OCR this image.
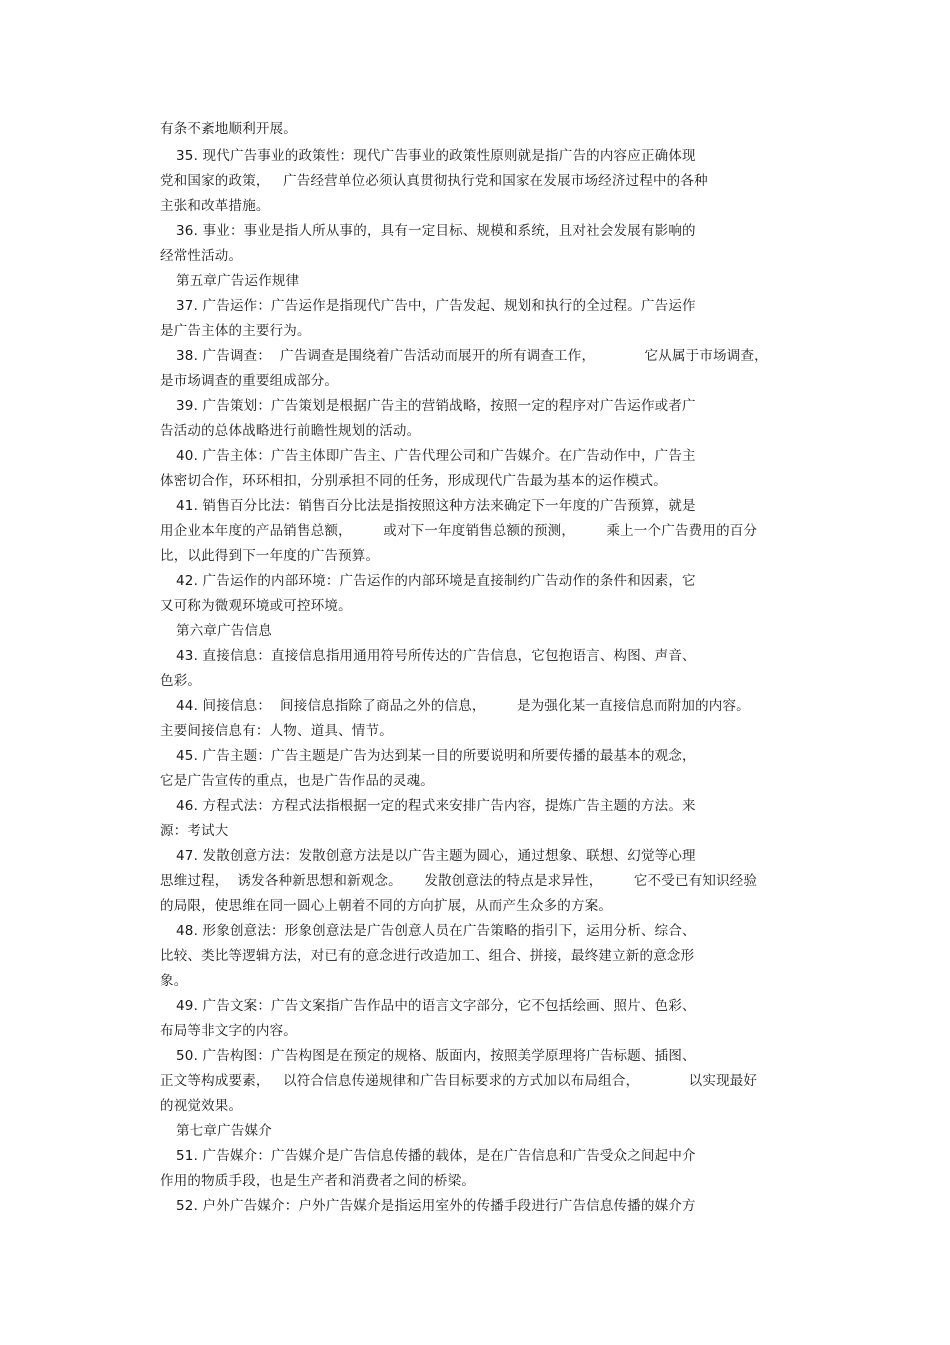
有条不紊地顺利开展。
35. 现代广告事业的政策性：现代广告事业的政策性原则就是指广告的内容应正确体现
党和国家的政策，   广告经营单位必须认真贯彻执行党和国家在发展市场经济过程中的各种
主张和改革措施。
36. 事业：事业是指人所从事的，具有一定目标、规模和系统，且对社会发展有影响的
经常性活动。
第五章广告运作规律
37. 广告运作：广告运作是指现代广告中，广告发起、规划和执行的全过程。广告运作
是广告主体的主要行为。
38. 广告调查：  广告调查是围绕着广告活动而展开的所有调查工作，           它从属于市场调查，
是市场调查的重要组成部分。
39. 广告策划：广告策划是根据广告主的营销战略，按照一定的程序对广告运作或者广
告活动的总体战略进行前瞻性规划的活动。
40. 广告主体：广告主体即广告主、广告代理公司和广告媒介。在广告动作中，广告主
体密切合作，环环相扣，分别承担不同的任务，形成现代广告最为基本的运作模式。
41. 销售百分比法：销售百分比法是指按照这种方法来确定下一年度的广告预算，就是
用企业本年度的产品销售总额，       或对下一年度销售总额的预测，       乘上一个广告费用的百分
比，以此得到下一年度的广告预算。
42. 广告运作的内部环境：广告运作的内部环境是直接制约广告动作的条件和因素，它
又可称为微观环境或可控环境。
第六章广告信息
43. 直接信息：直接信息指用通用符号所传达的广告信息，它包抱语言、构图、声音、
色彩。
44. 间接信息：  间接信息指除了商品之外的信息，       是为强化某一直接信息而附加的内容。
主要间接信息有：人物、道具、情节。
45. 广告主题：广告主题是广告为达到某一目的所要说明和所要传播的最基本的观念，
它是广告宣传的重点，也是广告作品的灵魂。
46. 方程式法：方程式法指根据一定的程式来安排广告内容，提炼广告主题的方法。来
源：考试大
47. 发散创意方法：发散创意方法是以广告主题为圆心，通过想象、联想、幻觉等心理
思维过程，  诱发各种新思想和新观念。     发散创意法的特点是求异性，       它不受已有知识经验
的局限，使思维在同一圆心上朝着不同的方向扩展，从而产生众多的方案。
48. 形象创意法：形象创意法是广告创意人员在广告策略的指引下，运用分析、综合、
比较、类比等逻辑方法，对已有的意念进行改造加工、组合、拼接，最终建立新的意念形
象。
49. 广告文案：广告文案指广告作品中的语言文字部分，它不包括绘画、照片、色彩、
布局等非文字的内容。
50. 广告构图：广告构图是在预定的规格、版面内，按照美学原理将广告标题、插图、
正文等构成要素，   以符合信息传递规律和广告目标要求的方式加以布局组合，           以实现最好
的视觉效果。
第七章广告媒介
51. 广告媒介：广告媒介是广告信息传播的载体，是在广告信息和广告受众之间起中介
作用的物质手段，也是生产者和消费者之间的桥梁。
52. 户外广告媒介：户外广告媒介是指运用室外的传播手段进行广告信息传播的媒介方
